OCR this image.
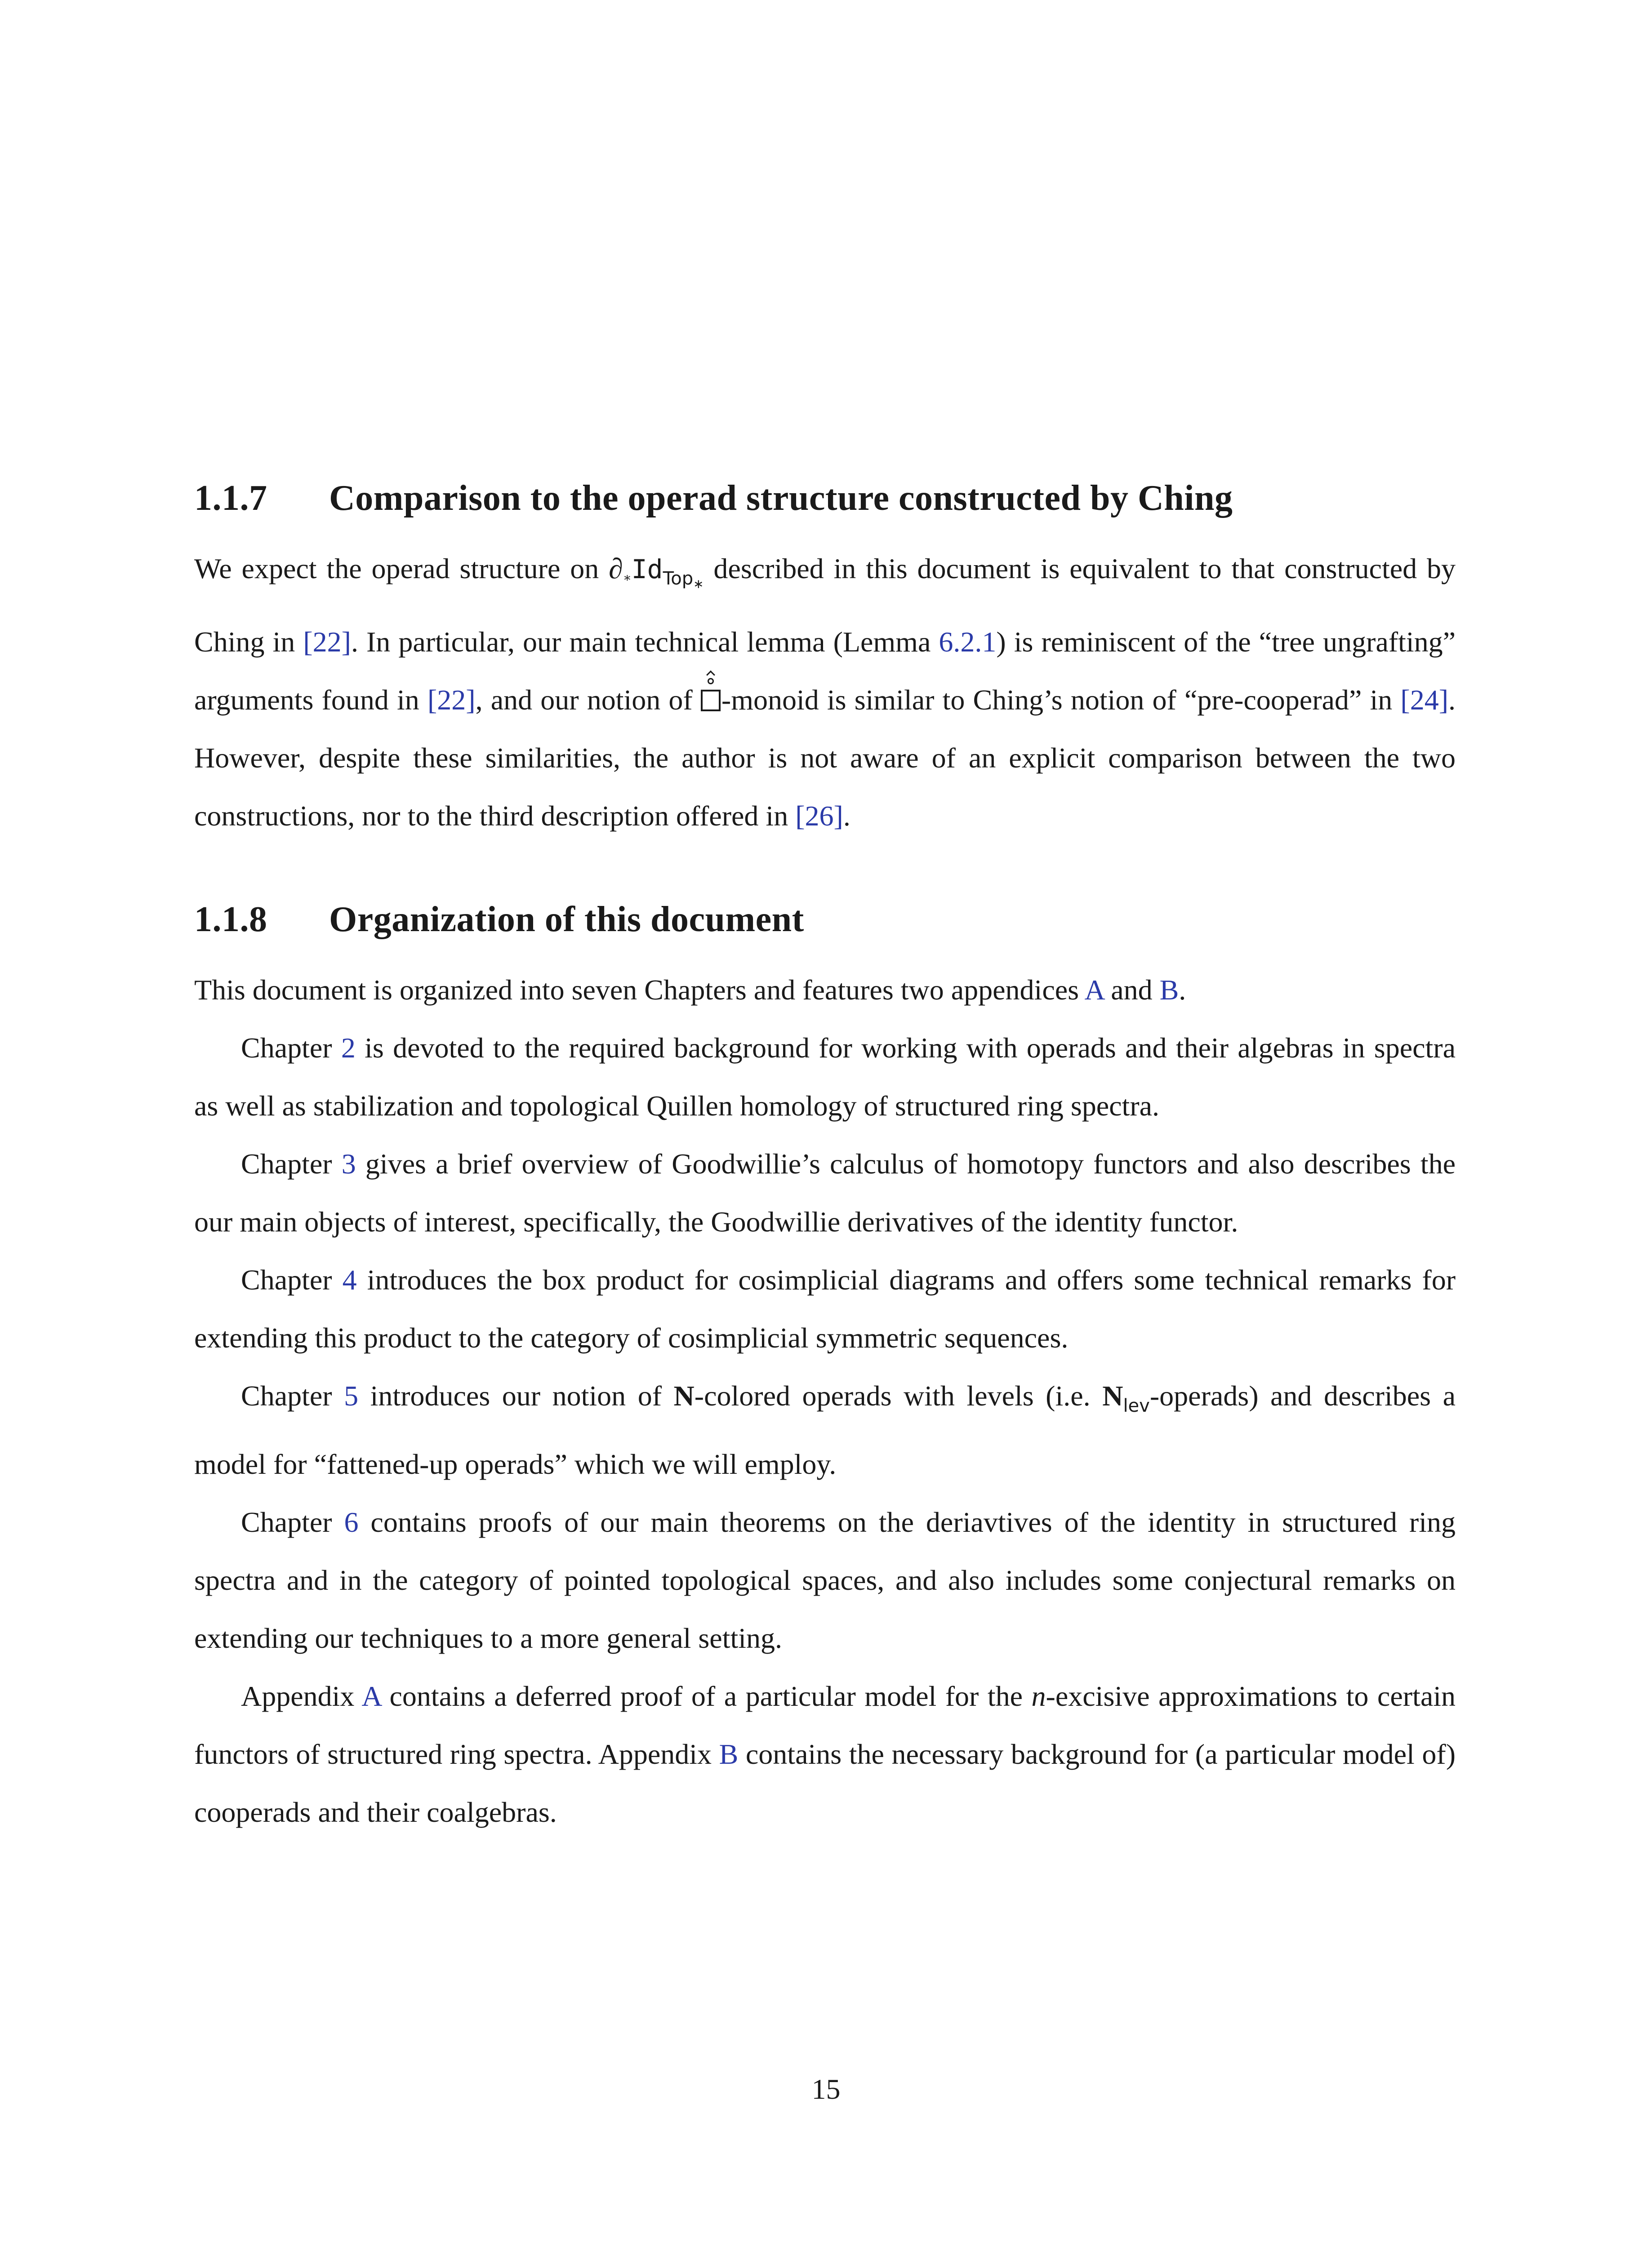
1.1.7 Comparison to the operad structure constructed by Ching

We expect the operad structure on $\partial∗Id_{Top_∗}$ described in this document is equivalent to that constructed by Ching in [22]. In particular, our main technical lemma (Lemma 6.2.1) is reminiscent of the “tree ungrafting” arguments found in [22], and our notion of
-monoid is similar to Ching’s notion of “pre-cooperad” in [24]. However, despite these similarities, the author is not aware of an explicit comparison between the two constructions, nor to the third description offered in [26].

1.1.8 Organization of this document

This document is organized into seven Chapters and features two appendices A and B.

Chapter 2 is devoted to the required background for working with operads and their algebras in spectra as well as stabilization and topological Quillen homology of structured ring spectra.

Chapter 3 gives a brief overview of Goodwillie’s calculus of homotopy functors and also describes the our main objects of interest, specifically, the Goodwillie derivatives of the identity functor.

Chapter 4 introduces the box product for cosimplicial diagrams and offers some technical remarks for extending this product to the category of cosimplicial symmetric sequences.

Chapter 5 introduces our notion of N-colored operads with levels (i.e. $N_{lev}-operads$) and describes a model for “fattened-up operads” which we will employ.

Chapter 6 contains proofs of our main theorems on the deriavtives of the identity in structured ring spectra and in the category of pointed topological spaces, and also includes some conjectural remarks on extending our techniques to a more general setting.

Appendix A contains a deferred proof of a particular model for the n-excisive approximations to certain functors of structured ring spectra. Appendix B contains the necessary background for (a particular model of) cooperads and their coalgebras.

15
